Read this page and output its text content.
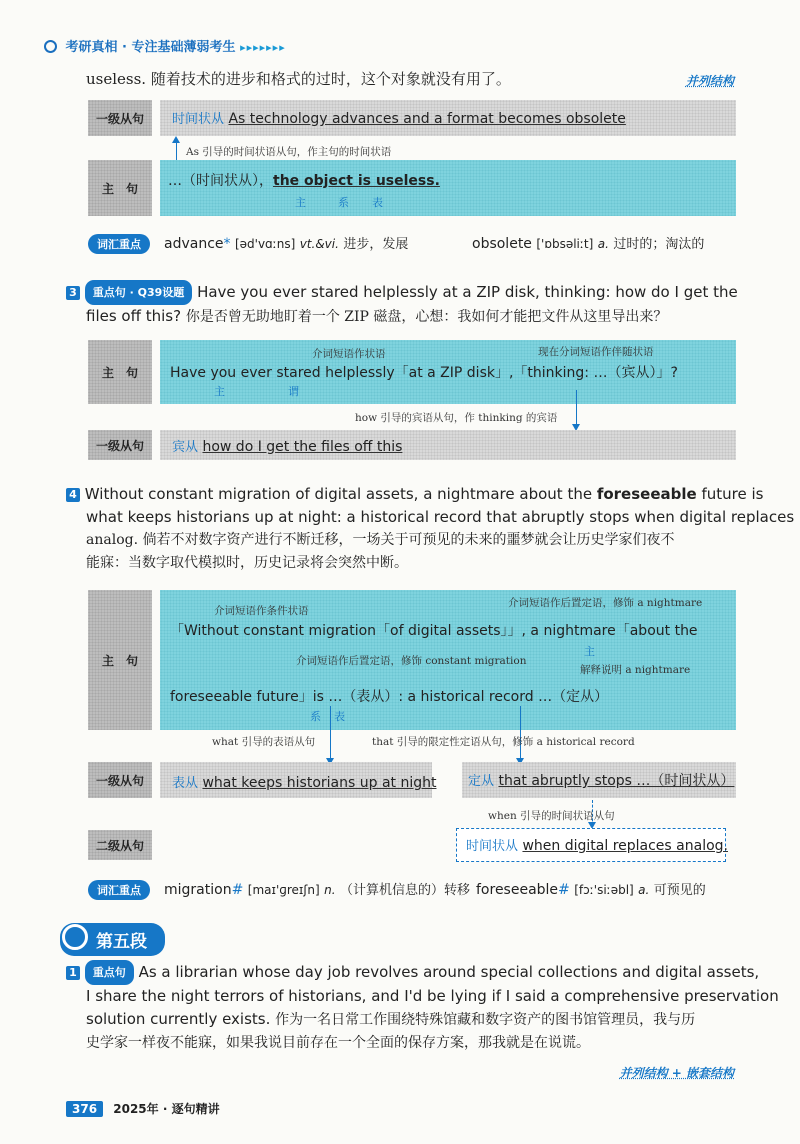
考研真相 · 专注基础薄弱考生 ▸▸▸▸▸▸▸
useless. 随着技术的进步和格式的过时，这个对象就没有用了。	并列结构
一级从句	时间状从 As technology advances and a format becomes obsolete
As 引导的时间状语从句，作主句的时间状语
主　句	…（时间状从），the object is useless.
主	系 表
词汇重点	advance* [əd'vɑːns] vt.&vi. 进步，发展	obsolete ['ɒbsəliːt] a. 过时的；淘汰的
3 重点句 · Q39设题 Have you ever stared helplessly at a ZIP disk, thinking: how do I get the
files off this? 你是否曾无助地盯着一个 ZIP 磁盘，心想：我如何才能把文件从这里导出来？
主　句
介词短语作状语	现在分词短语作伴随状语
Have you ever stared helplessly「at a ZIP disk」,「thinking: …（宾从）」?
主	谓
how 引导的宾语从句，作 thinking 的宾语
一级从句	宾从 how do I get the files off this
4 Without constant migration of digital assets, a nightmare about the foreseeable future is
what keeps historians up at night: a historical record that abruptly stops when digital replaces
analog. 倘若不对数字资产进行不断迁移，一场关于可预见的未来的噩梦就会让历史学家们夜不
能寐：当数字取代模拟时，历史记录将会突然中断。
主　句
介词短语作条件状语
介词短语作后置定语，修饰 a nightmare
「Without constant migration「of digital assets」」, a nightmare「about the
介词短语作后置定语，修饰 constant migration
解释说明 a nightmare
主
foreseeable future」is …（表从）: a historical record …（定从）
系 表
what 引导的表语从句	that 引导的限定性定语从句，修饰 a historical record
一级从句	表从 what keeps historians up at night 定从 that abruptly stops …（时间状从）
when 引导的时间状语从句
二级从句	时间状从 when digital replaces analog.
词汇重点	migration# [maɪ'ɡreɪʃn] n. （计算机信息的）转移 foreseeable# [fɔː'siːəbl] a. 可预见的
第五段
1 重点句 As a librarian whose day job revolves around special collections and digital assets,
I share the night terrors of historians, and I'd be lying if I said a comprehensive preservation
solution currently exists. 作为一名日常工作围绕特殊馆藏和数字资产的图书馆管理员，我与历
史学家一样夜不能寐，如果我说目前存在一个全面的保存方案，那我就是在说谎。
并列结构 + 嵌套结构
376 2025年 · 逐句精讲
